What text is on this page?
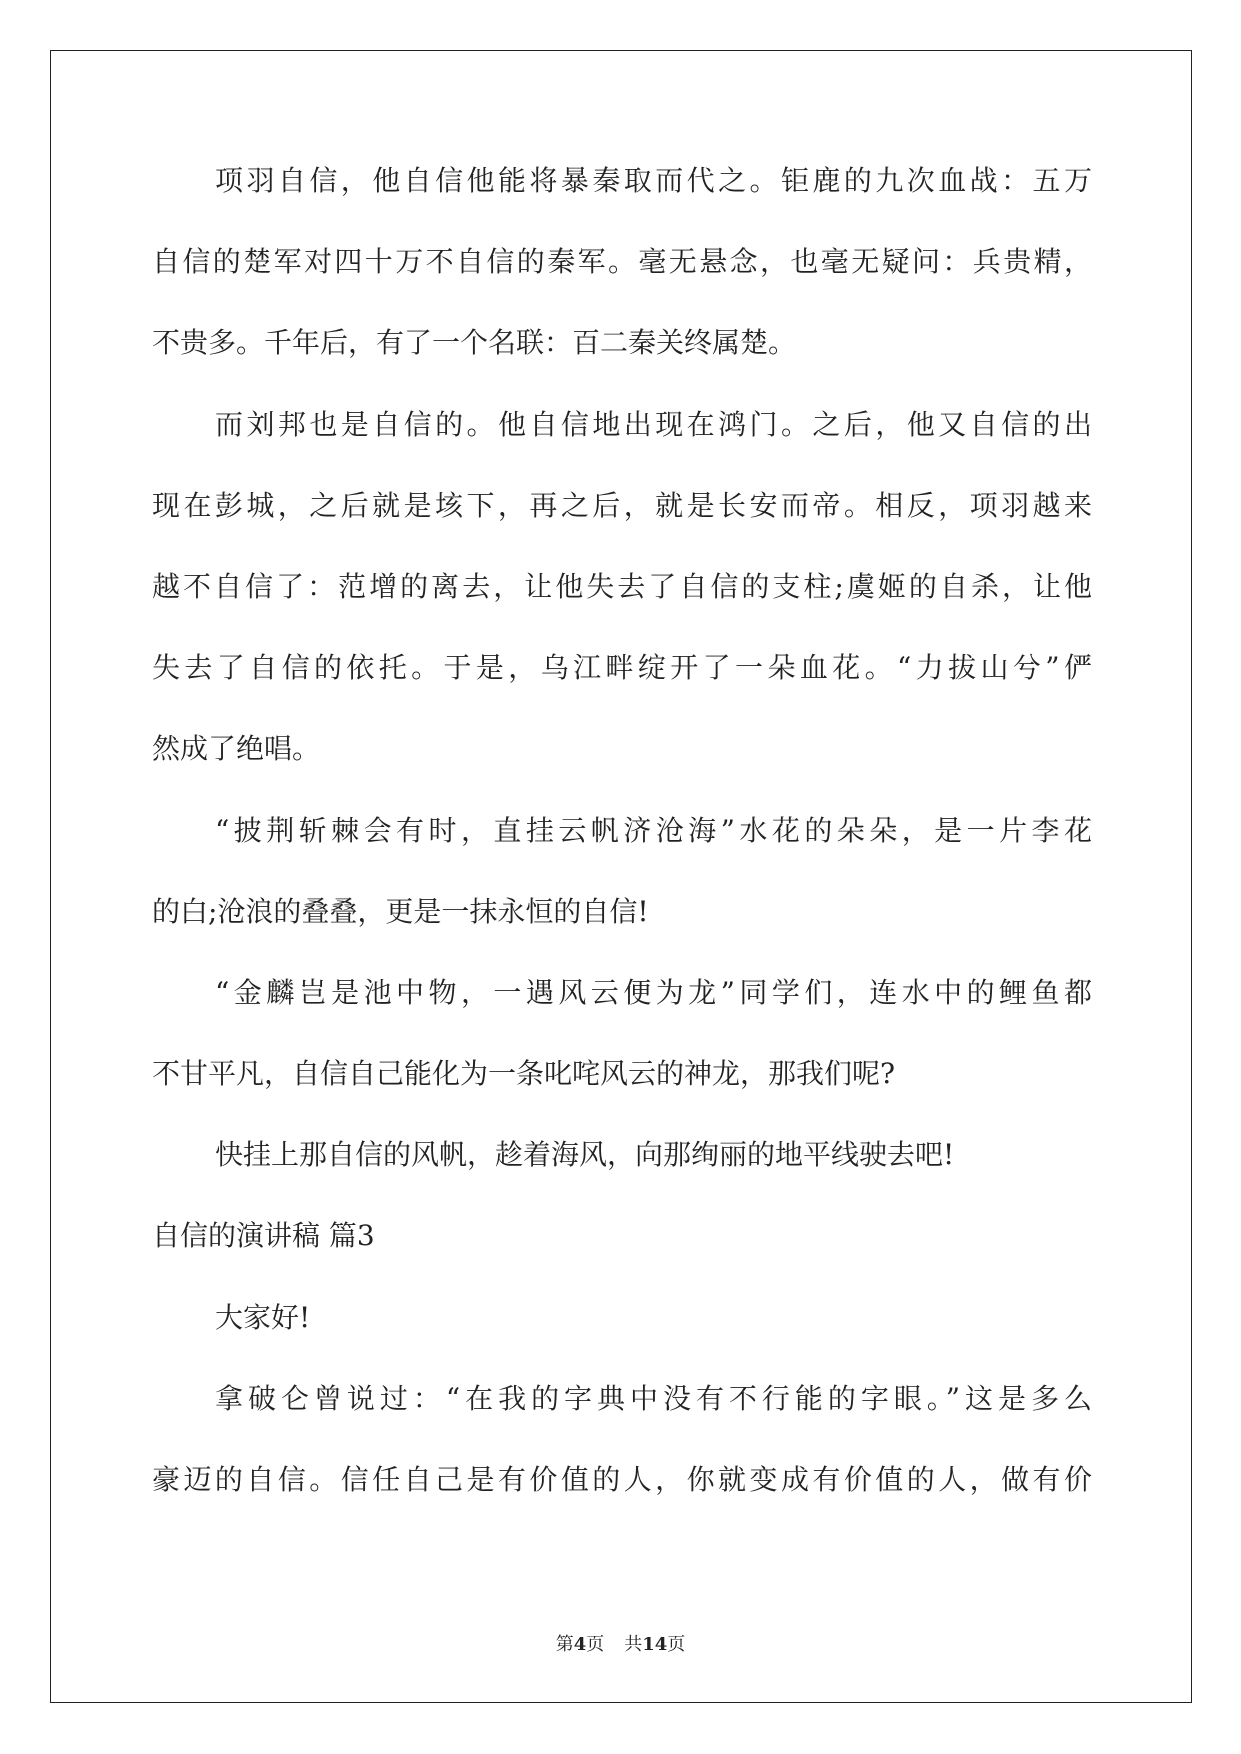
项羽自信，他自信他能将暴秦取而代之。钜鹿的九次血战：五万
自信的楚军对四十万不自信的秦军。毫无悬念，也毫无疑问：兵贵精，
不贵多。千年后，有了一个名联：百二秦关终属楚。
而刘邦也是自信的。他自信地出现在鸿门。之后，他又自信的出
现在彭城，之后就是垓下，再之后，就是长安而帝。相反，项羽越来
越不自信了：范增的离去，让他失去了自信的支柱;虞姬的自杀，让他
失去了自信的依托。于是，乌江畔绽开了一朵血花。“力拔山兮”俨
然成了绝唱。
“披荆斩棘会有时，直挂云帆济沧海”水花的朵朵，是一片李花
的白;沧浪的叠叠，更是一抹永恒的自信!
“金麟岂是池中物，一遇风云便为龙”同学们，连水中的鲤鱼都
不甘平凡，自信自己能化为一条叱咤风云的神龙，那我们呢?
快挂上那自信的风帆，趁着海风，向那绚丽的地平线驶去吧!
自信的演讲稿 篇3
大家好!
拿破仑曾说过：“在我的字典中没有不行能的字眼。”这是多么
豪迈的自信。信任自己是有价值的人，你就变成有价值的人，做有价
第4页 共14页
